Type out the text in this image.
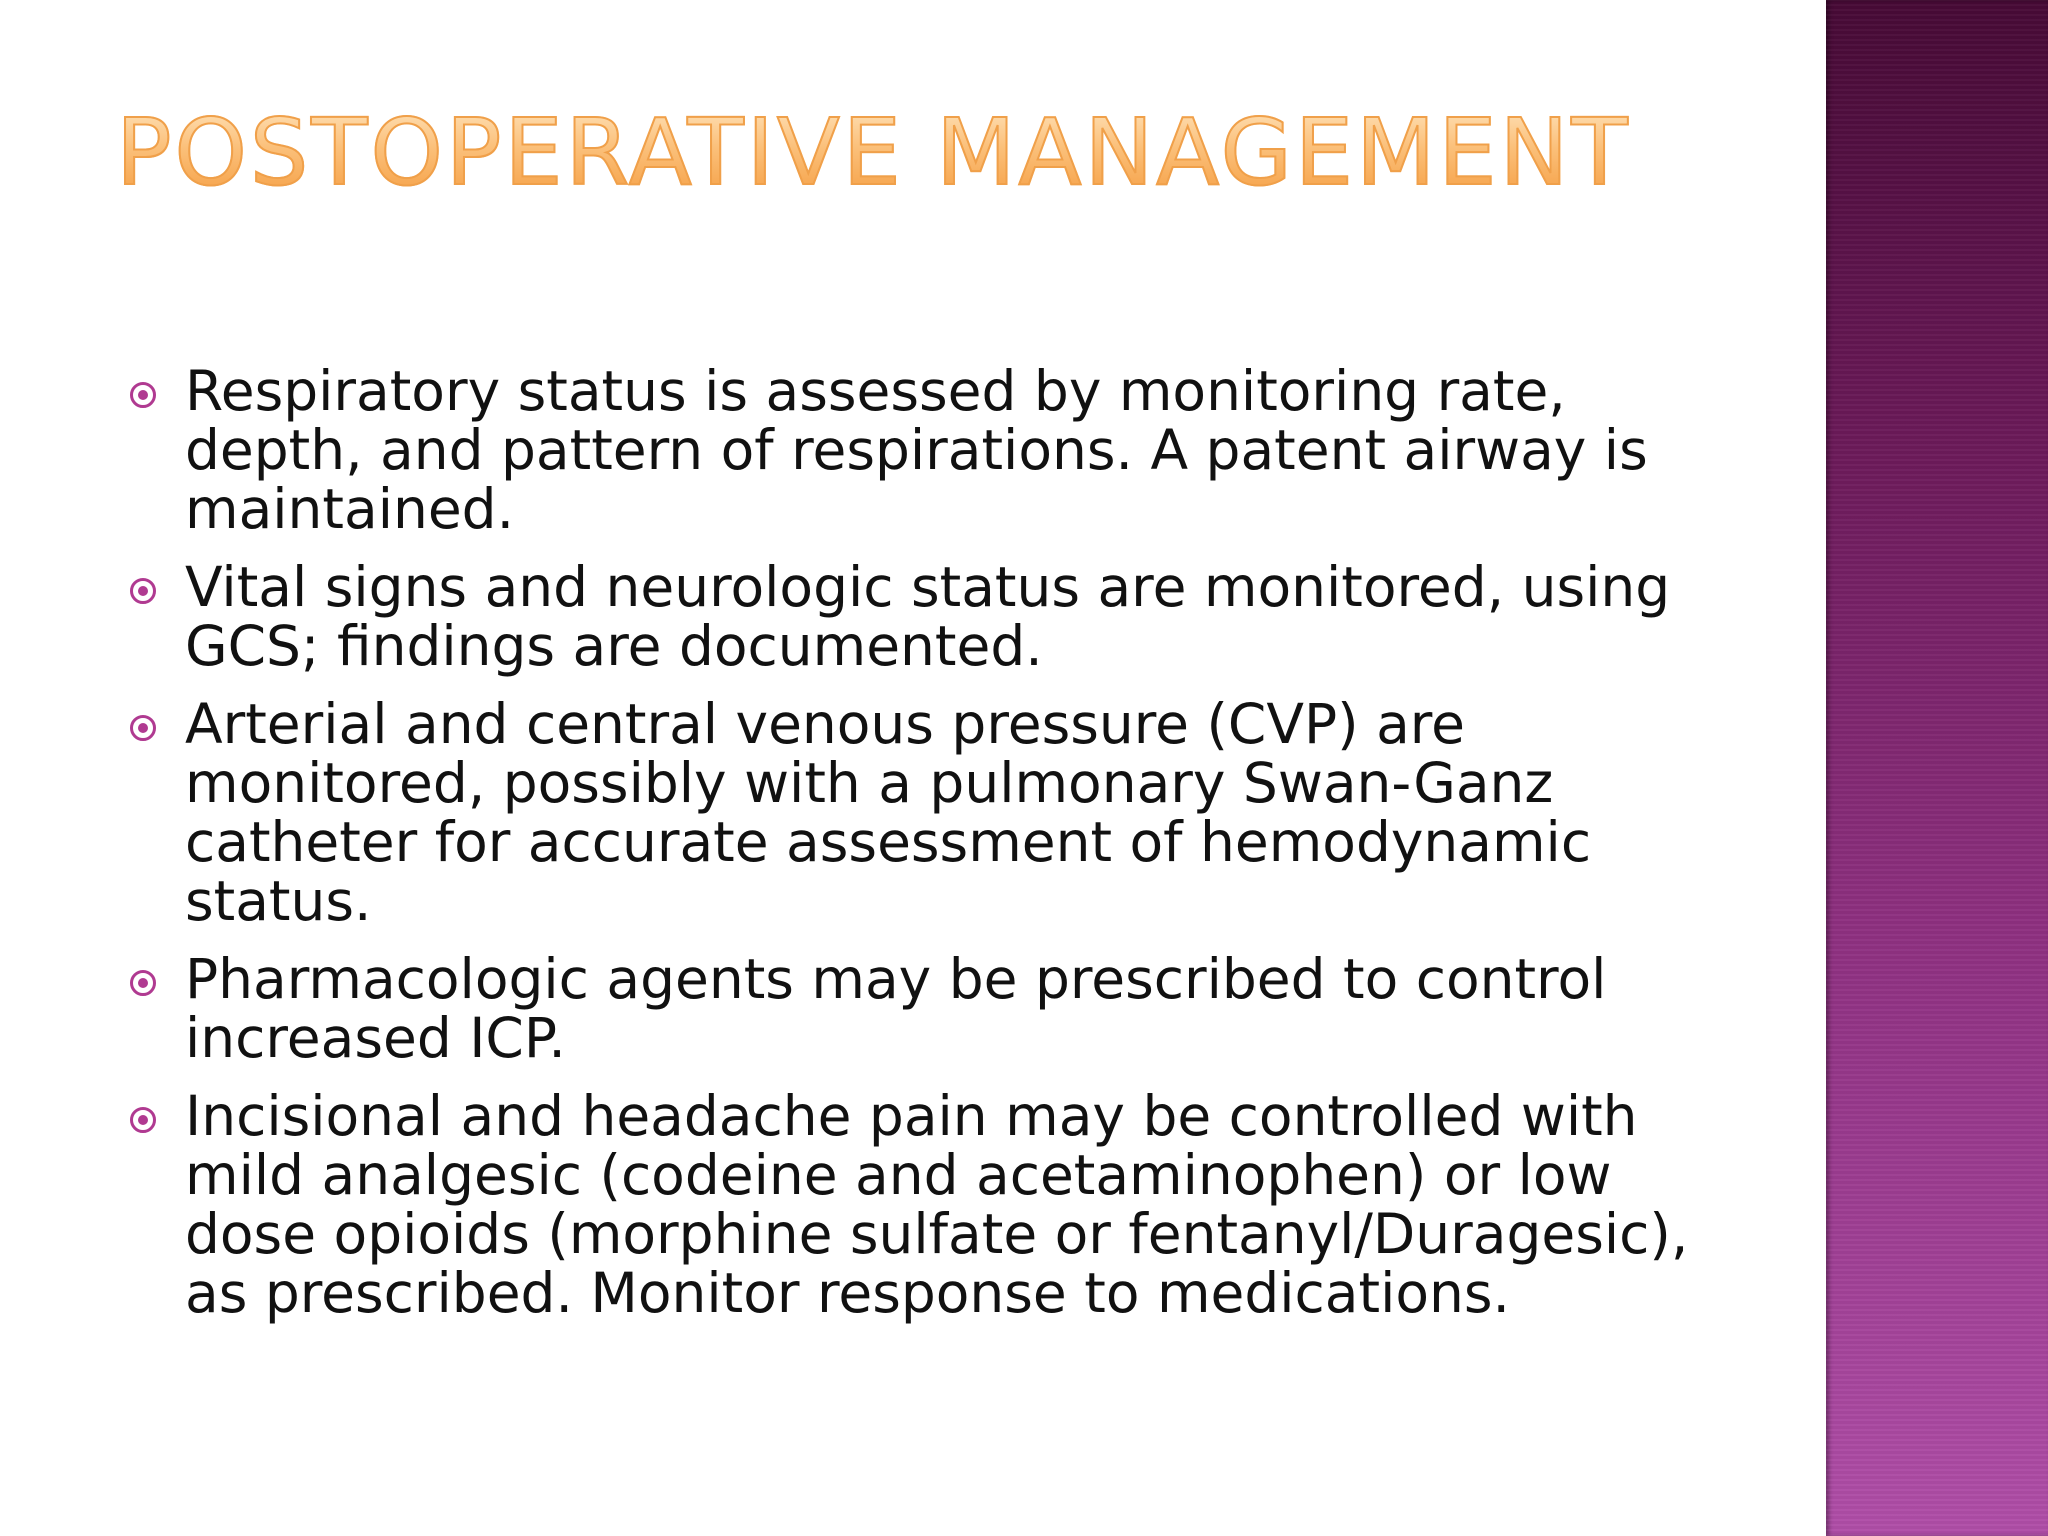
POSTOPERATIVE MANAGEMENT
Respiratory status is assessed by monitoring rate, depth, and pattern of respirations. A patent airway is maintained.
Vital signs and neurologic status are monitored, using GCS; findings are documented.
Arterial and central venous pressure (CVP) are monitored, possibly with a pulmonary Swan-Ganz catheter for accurate assessment of hemodynamic status.
Pharmacologic agents may be prescribed to control increased ICP.
Incisional and headache pain may be controlled with mild analgesic (codeine and acetaminophen) or low dose opioids (morphine sulfate or fentanyl/Duragesic), as prescribed. Monitor response to medications.
